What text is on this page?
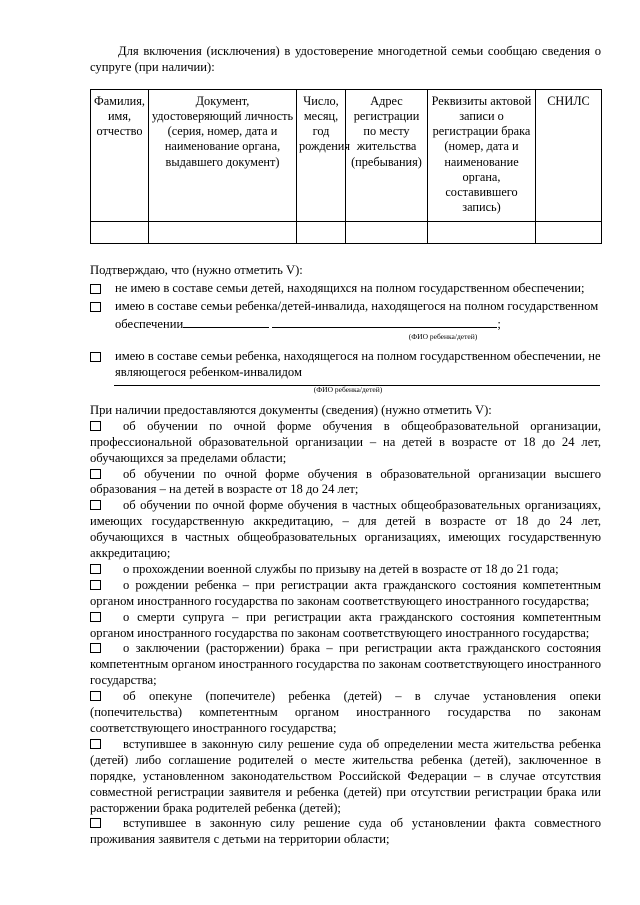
Для включения (исключения) в удостоверение многодетной семьи сообщаю сведения о супруге (при наличии):

Фамилия, имя, отчество	Документ, удостоверяющий личность (серия, номер, дата и наименование органа, выдавшего документ)	Число, месяц, год рождения	Адрес регистрации по месту жительства (пребывания)	Реквизиты актовой записи о регистрации брака (номер, дата и наименование органа, составившего запись)	СНИЛС

Подтверждаю, что (нужно отметить V):

не имею в составе семьи детей, находящихся на полном государственном обеспечении;
имею в составе семьи ребенка/детей-инвалида, находящегося на полном государственном обеспечении	;
(ФИО ребенка/детей)
имею в составе семьи ребенка, находящегося на полном государственном обеспечении, не являющегося ребенком-инвалидом
(ФИО ребенка/детей)

При наличии предоставляются документы (сведения) (нужно отметить V):

об обучении по очной форме обучения в общеобразовательной организации, профессиональной образовательной организации – на детей в возрасте от 18 до 24 лет, обучающихся за пределами области;

об обучении по очной форме обучения в образовательной организации высшего образования – на детей в возрасте от 18 до 24 лет;

об обучении по очной форме обучения в частных общеобразовательных организациях, имеющих государственную аккредитацию, – для детей в возрасте от 18 до 24 лет, обучающихся в частных общеобразовательных организациях, имеющих государственную аккредитацию;

о прохождении военной службы по призыву на детей в возрасте от 18 до 21 года;

о рождении ребенка – при регистрации акта гражданского состояния компетентным органом иностранного государства по законам соответствующего иностранного государства;

о смерти супруга – при регистрации акта гражданского состояния компетентным органом иностранного государства по законам соответствующего иностранного государства;

о заключении (расторжении) брака – при регистрации акта гражданского состояния компетентным органом иностранного государства по законам соответствующего иностранного государства;

об опекуне (попечителе) ребенка (детей) – в случае установления опеки (попечительства) компетентным органом иностранного государства по законам соответствующего иностранного государства;

вступившее в законную силу решение суда об определении места жительства ребенка (детей) либо соглашение родителей о месте жительства ребенка (детей), заключенное в порядке, установленном законодательством Российской Федерации – в случае отсутствия совместной регистрации заявителя и ребенка (детей) при отсутствии регистрации брака или расторжении брака родителей ребенка (детей);

вступившее в законную силу решение суда об установлении факта совместного проживания заявителя с детьми на территории области;
